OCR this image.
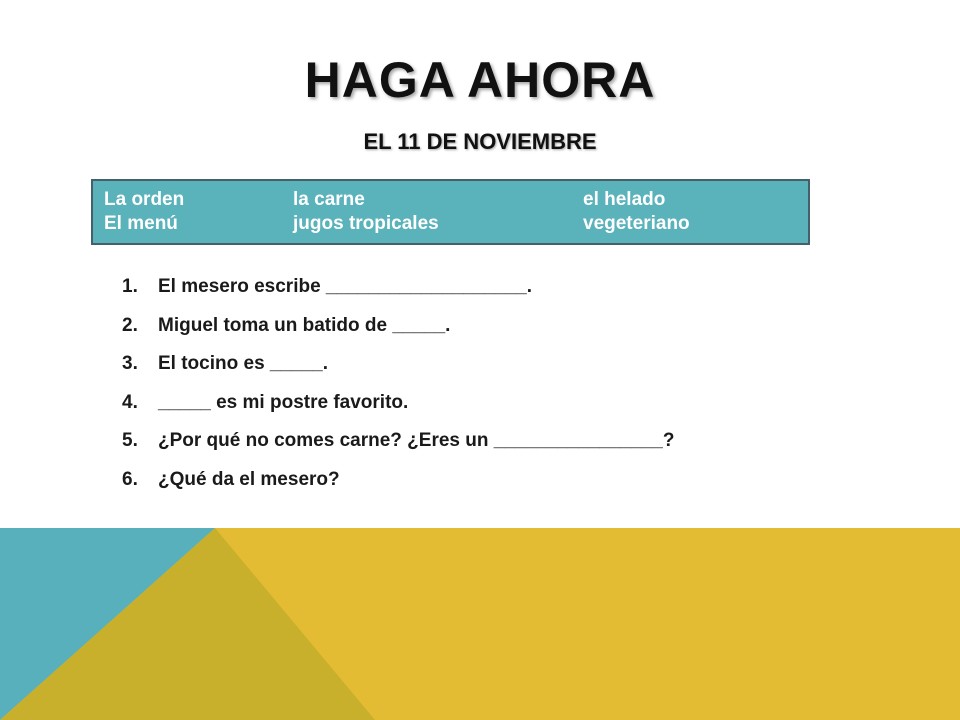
HAGA AHORA
EL 11 DE NOVIEMBRE
La orden	la carne	el helado
El menú	jugos tropicales	vegeteriano
1. El mesero escribe ___________________.
2. Miguel toma un batido de _____.
3. El tocino es _____.
4. _____ es mi postre favorito.
5. ¿Por qué no comes carne? ¿Eres un ________________?
6. ¿Qué da el mesero?
